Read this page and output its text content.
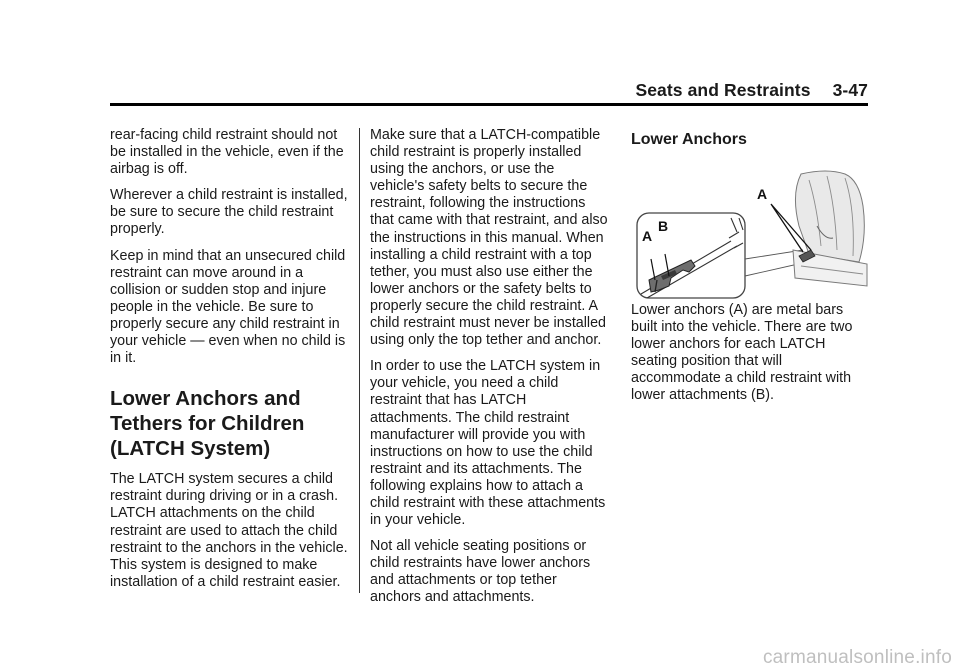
Seats and Restraints 3-47

rear-facing child restraint should not be installed in the vehicle, even if the airbag is off.

Wherever a child restraint is installed, be sure to secure the child restraint properly.

Keep in mind that an unsecured child restraint can move around in a collision or sudden stop and injure people in the vehicle. Be sure to properly secure any child restraint in your vehicle — even when no child is in it.

Lower Anchors and Tethers for Children (LATCH System)

The LATCH system secures a child restraint during driving or in a crash. LATCH attachments on the child restraint are used to attach the child restraint to the anchors in the vehicle. This system is designed to make installation of a child restraint easier.

Make sure that a LATCH-compatible child restraint is properly installed using the anchors, or use the vehicle's safety belts to secure the restraint, following the instructions that came with that restraint, and also the instructions in this manual. When installing a child restraint with a top tether, you must also use either the lower anchors or the safety belts to properly secure the child restraint. A child restraint must never be installed using only the top tether and anchor.

In order to use the LATCH system in your vehicle, you need a child restraint that has LATCH attachments. The child restraint manufacturer will provide you with instructions on how to use the child restraint and its attachments. The following explains how to attach a child restraint with these attachments in your vehicle.

Not all vehicle seating positions or child restraints have lower anchors and attachments or top tether anchors and attachments.

Lower Anchors

Lower anchors (A) are metal bars built into the vehicle. There are two lower anchors for each LATCH seating position that will accommodate a child restraint with lower attachments (B).

A
A
B
carmanualsonline.info
